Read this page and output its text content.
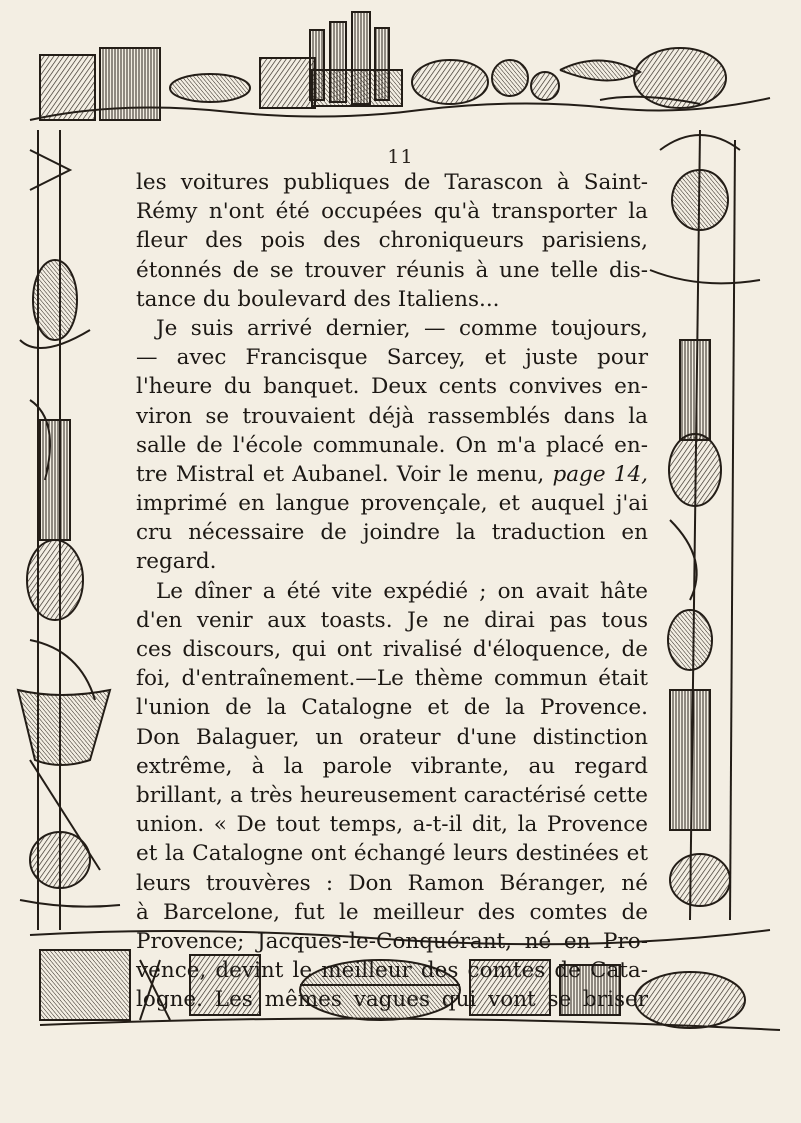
11
les voitures publiques de Tarascon à Saint-
Rémy n'ont été occupées qu'à transporter la
fleur des pois des chroniqueurs parisiens,
étonnés de se trouver réunis à une telle dis-
tance du boulevard des Italiens...
Je suis arrivé dernier, — comme toujours,
— avec Francisque Sarcey, et juste pour
l'heure du banquet. Deux cents convives en-
viron se trouvaient déjà rassemblés dans la
salle de l'école communale. On m'a placé en-
tre Mistral et Aubanel. Voir le menu, page 14,
imprimé en langue provençale, et auquel j'ai
cru nécessaire de joindre la traduction en
regard.
Le dîner a été vite expédié ; on avait hâte
d'en venir aux toasts. Je ne dirai pas tous
ces discours, qui ont rivalisé d'éloquence, de
foi, d'entraînement.—Le thème commun était
l'union de la Catalogne et de la Provence.
Don Balaguer, un orateur d'une distinction
extrême, à la parole vibrante, au regard
brillant, a très heureusement caractérisé cette
union. « De tout temps, a-t-il dit, la Provence
et la Catalogne ont échangé leurs destinées et
leurs trouvères : Don Ramon Béranger, né
à Barcelone, fut le meilleur des comtes de
Provence; Jacques-le-Conquérant, né en Pro-
vence, devint le meilleur des comtes de Cata-
logne. Les mêmes vagues qui vont se briser
